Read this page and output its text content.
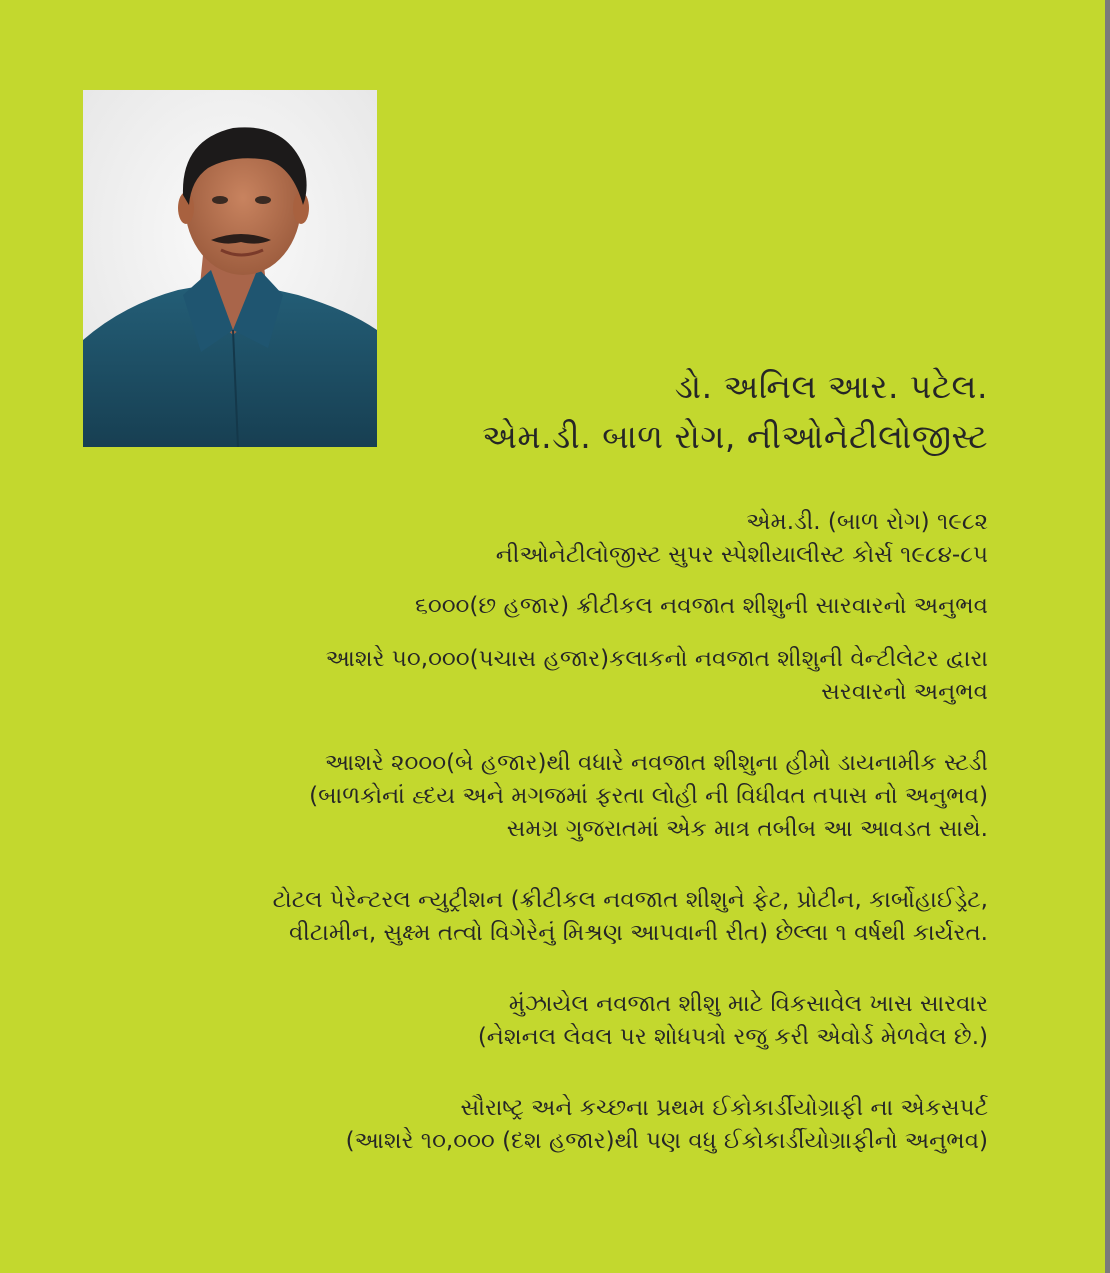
ડો. અનિલ આર. પટેલ.
એમ.ડી. બાળ રોગ, નીઓનેટીલોજીસ્ટ
એમ.ડી. (બાળ રોગ) ૧૯૮૨
નીઓનેટીલોજીસ્ટ સુપર સ્પેશીયાલીસ્ટ કોર્સ ૧૯૮૪-૮૫
૬૦૦૦(છ હજાર) ક્રીટીકલ નવજાત શીશુની સારવારનો અનુભવ
આશરે ૫૦,૦૦૦(પચાસ હજાર)કલાકનો નવજાત શીશુની વેન્ટીલેટર દ્વારા
સરવારનો અનુભવ
આશરે ૨૦૦૦(બે હજાર)થી વધારે નવજાત શીશુના હીમો ડાયનામીક સ્ટડી
(બાળકોનાં હ્દય અને મગજમાં ફરતા લોહી ની વિધીવત તપાસ નો અનુભવ)
સમગ્ર ગુજરાતમાં એક માત્ર તબીબ આ આવડત સાથે.
ટોટલ પેરેન્ટરલ ન્યુટ્રીશન (ક્રીટીકલ નવજાત શીશુને ફેટ, પ્રોટીન, કાર્બોહાઈડ્રેટ,
વીટામીન, સુક્ષ્મ તત્વો વિગેરેનું મિશ્રણ આપવાની રીત) છેલ્લા ૧ વર્ષથી કાર્યરત.
મુંઝાયેલ નવજાત શીશુ માટે વિકસાવેલ ખાસ સારવાર
(નેશનલ લેવલ પર શોધપત્રો રજુ કરી એવોર્ડ મેળવેલ છે.)
સૌરાષ્ટ્ર અને કચ્છના પ્રથમ ઈકોકાર્ડીયોગ્રાફી ના એકસપર્ટ
(આશરે ૧૦,૦૦૦ (દશ હજાર)થી પણ વધુ ઈકોકાર્ડીયોગ્રાફીનો અનુભવ)
